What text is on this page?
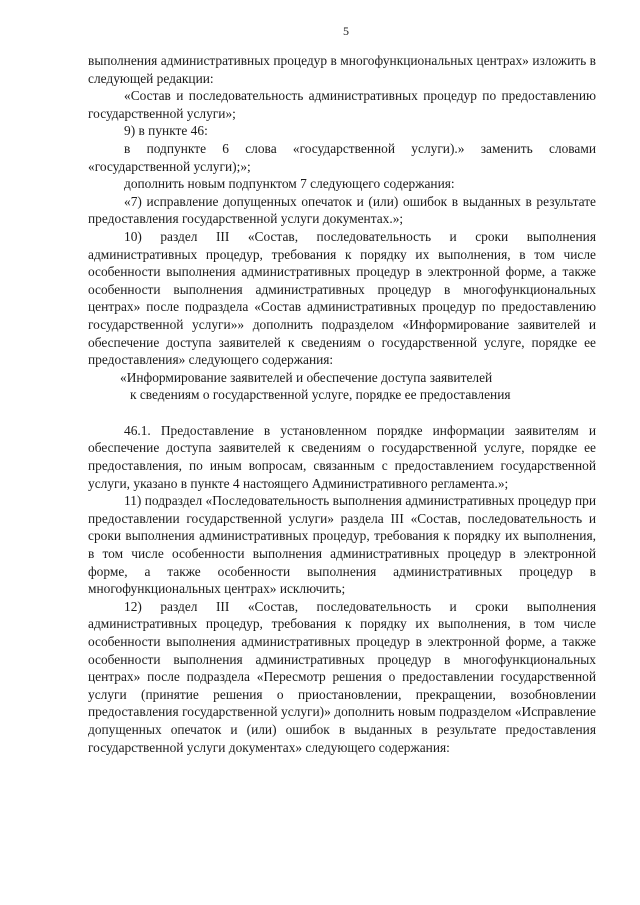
5

выполнения административных процедур в многофункциональных центрах» изложить в следующей редакции:

«Состав и последовательность административных процедур по предоставлению государственной услуги»;

9) в пункте 46:

в подпункте 6 слова «государственной услуги).» заменить словами «государственной услуги);»;

дополнить новым подпунктом 7 следующего содержания:

«7) исправление допущенных опечаток и (или) ошибок в выданных в результате предоставления государственной услуги документах.»;

10) раздел III «Состав, последовательность и сроки выполнения административных процедур, требования к порядку их выполнения, в том числе особенности выполнения административных процедур в электронной форме, а также особенности выполнения административных процедур в многофункциональных центрах» после подраздела «Состав административных процедур по предоставлению государственной услуги»» дополнить подразделом «Информирование заявителей и обеспечение доступа заявителей к сведениям о государственной услуге, порядке ее предоставления» следующего содержания:

«Информирование заявителей и обеспечение доступа заявителей
к сведениям о государственной услуге, порядке ее предоставления

46.1. Предоставление в установленном порядке информации заявителям и обеспечение доступа заявителей к сведениям о государственной услуге, порядке ее предоставления, по иным вопросам, связанным с предоставлением государственной услуги, указано в пункте 4 настоящего Административного регламента.»;

11) подраздел «Последовательность выполнения административных процедур при предоставлении государственной услуги» раздела III «Состав, последовательность и сроки выполнения административных процедур, требования к порядку их выполнения, в том числе особенности выполнения административных процедур в электронной форме, а также особенности выполнения административных процедур в многофункциональных центрах» исключить;

12) раздел III «Состав, последовательность и сроки выполнения административных процедур, требования к порядку их выполнения, в том числе особенности выполнения административных процедур в электронной форме, а также особенности выполнения административных процедур в многофункциональных центрах» после подраздела «Пересмотр решения о предоставлении государственной услуги (принятие решения о приостановлении, прекращении, возобновлении предоставления государственной услуги)» дополнить новым подразделом «Исправление допущенных опечаток и (или) ошибок в выданных в результате предоставления государственной услуги документах» следующего содержания:
